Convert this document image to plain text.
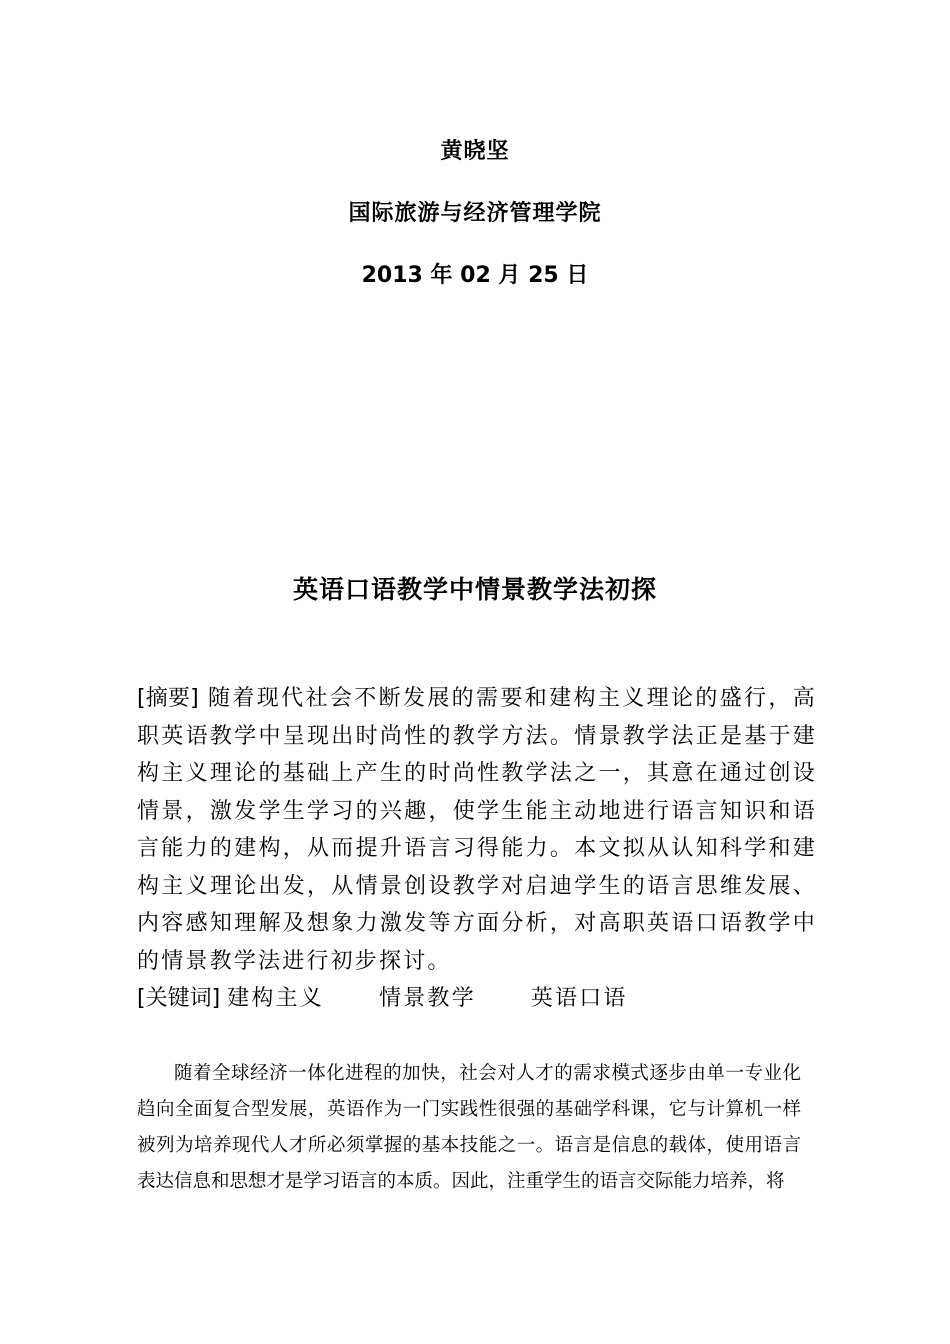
黄晓坚
国际旅游与经济管理学院
2013 年 02 月 25 日
英语口语教学中情景教学法初探
[摘要] 随着现代社会不断发展的需要和建构主义理论的盛行，高职英语教学中呈现出时尚性的教学方法。情景教学法正是基于建构主义理论的基础上产生的时尚性教学法之一，其意在通过创设情景，激发学生学习的兴趣，使学生能主动地进行语言知识和语言能力的建构，从而提升语言习得能力。本文拟从认知科学和建构主义理论出发，从情景创设教学对启迪学生的语言思维发展、内容感知理解及想象力激发等方面分析，对高职英语口语教学中的情景教学法进行初步探讨。
[关键词] 建构主义	情景教学	英语口语
随着全球经济一体化进程的加快，社会对人才的需求模式逐步由单一专业化趋向全面复合型发展，英语作为一门实践性很强的基础学科课，它与计算机一样被列为培养现代人才所必须掌握的基本技能之一。语言是信息的载体，使用语言表达信息和思想才是学习语言的本质。因此，注重学生的语言交际能力培养，将
